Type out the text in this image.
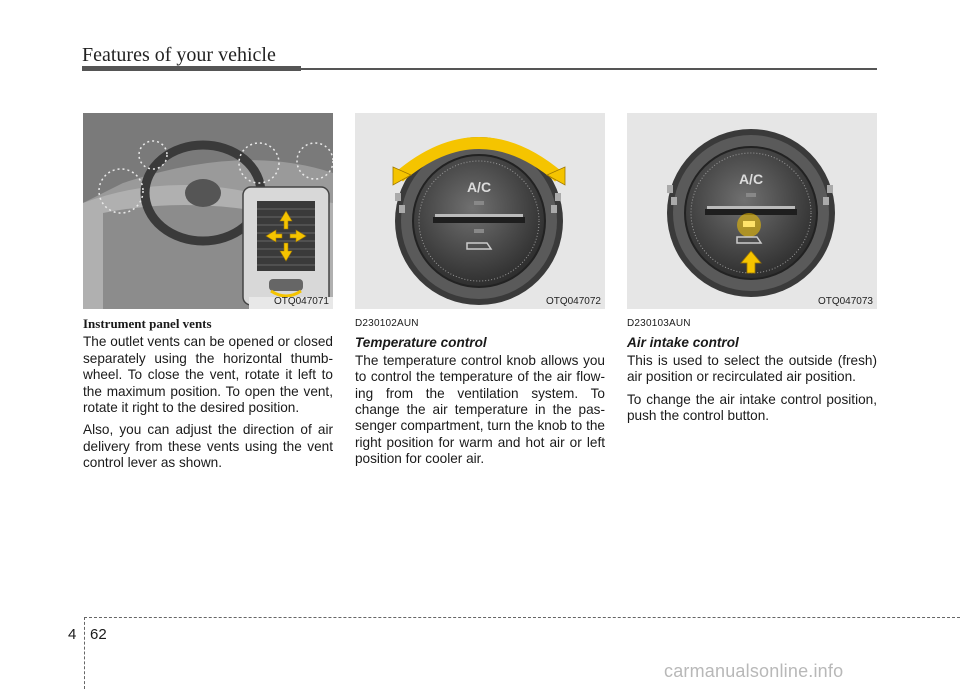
Features of your vehicle
OTQ047071
A/C
OTQ047072
A/C
OTQ047073
Instrument panel vents

The outlet vents can be opened or closed separately using the horizontal thumb-wheel. To close the vent, rotate it left to the maximum position. To open the vent, rotate it right to the desired position.

Also, you can adjust the direction of air delivery from these vents using the vent control lever as shown.

D230102AUN
Temperature control

The temperature control knob allows you to control the temperature of the air flow-ing from the ventilation system. To change the air temperature in the pas-senger compartment, turn the knob to the right position for warm and hot air or left position for cooler air.

D230103AUN
Air intake control

This is used to select the outside (fresh) air position or recirculated air position.

To change the air intake control position, push the control button.

4 62
carmanualsonline.info
